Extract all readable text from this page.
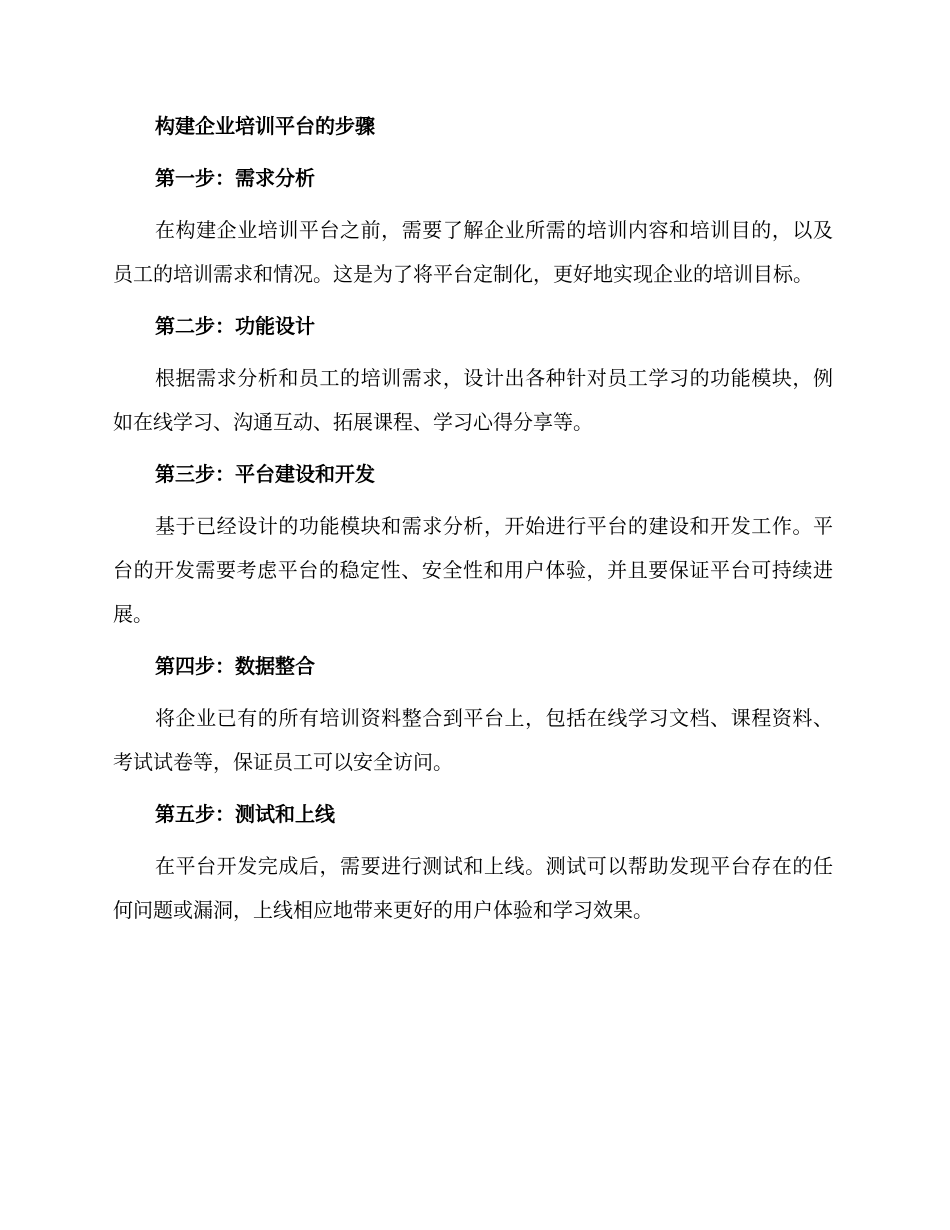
构建企业培训平台的步骤
第一步：需求分析

在构建企业培训平台之前，需要了解企业所需的培训内容和培训目的，以及员工的培训需求和情况。这是为了将平台定制化，更好地实现企业的培训目标。

第二步：功能设计

根据需求分析和员工的培训需求，设计出各种针对员工学习的功能模块，例如在线学习、沟通互动、拓展课程、学习心得分享等。

第三步：平台建设和开发

基于已经设计的功能模块和需求分析，开始进行平台的建设和开发工作。平台的开发需要考虑平台的稳定性、安全性和用户体验，并且要保证平台可持续进展。

第四步：数据整合

将企业已有的所有培训资料整合到平台上，包括在线学习文档、课程资料、考试试卷等，保证员工可以安全访问。

第五步：测试和上线

在平台开发完成后，需要进行测试和上线。测试可以帮助发现平台存在的任何问题或漏洞，上线相应地带来更好的用户体验和学习效果。
